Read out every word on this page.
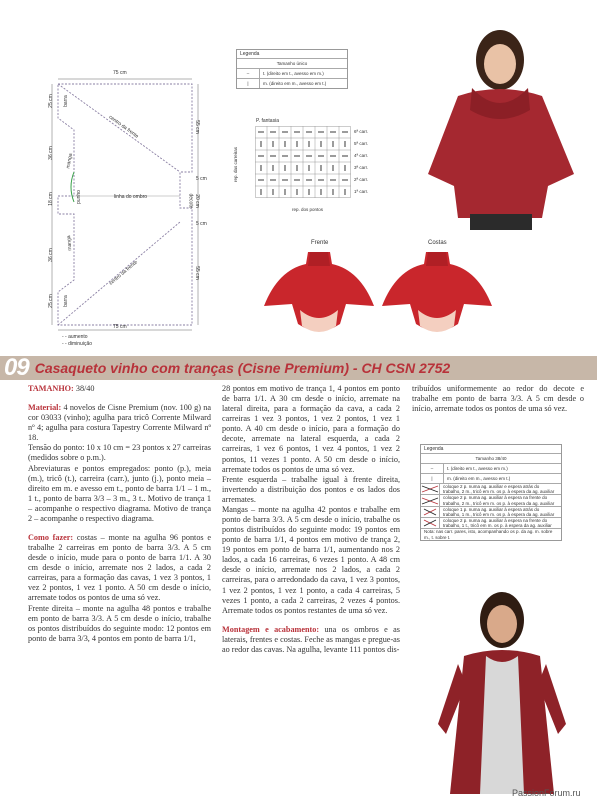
75 cm
75 cm
25 cm
36 cm
18 cm
36 cm
25 cm
55 cm
5 cm
20 cm
5 cm
55 cm
centro da frente
centro da frente
linha do ombro
punho	decote
manga
manga
barra
barra
- - aumento
- - diminuição
Legenda
Tamanho único
–	t. (direito em t., avesso em m.)
|	m. (direito em m., avesso em t.)
P. fantasia
6ª carr.
5ª carr.
4ª carr.
3ª carr.
2ª carr.
1ª carr.
rep. das carreiras
rep. dos pontos
Frente	Costas
09 Casaqueto vinho com tranças (Cisne Premium) - CH CSN 2752

TAMANHO: 38/40

Material: 4 novelos de Cisne Premium (nov. 100 g) na cor 03033 (vinho); agulha para tricô Corrente Milward nº 4; agulha para costura Tapestry Corrente Milward nº 18.

Tensão do ponto: 10 x 10 cm = 23 pontos x 27 carreiras (medidos sobre o p.m.).

Abreviaturas e pontos empregados: ponto (p.), meia (m.), tricô (t.), carreira (carr.), junto (j.), ponto meia – direito em m. e avesso em t., ponto de barra 1/1 – 1 m., 1 t., ponto de barra 3/3 – 3 m., 3 t.. Motivo de trança 1 – acompanhe o respectivo diagrama. Motivo de trança 2 – acompanhe o respectivo diagrama.

Como fazer: costas – monte na agulha 96 pontos e trabalhe 2 carreiras em ponto de barra 3/3. A 5 cm desde o início, mude para o ponto de barra 1/1. A 30 cm desde o início, arremate nos 2 lados, a cada 2 carreiras, para a formação das cavas, 1 vez 3 pontos, 1 vez 2 pontos, 1 vez 1 ponto. A 50 cm desde o início, arremate todos os pontos de uma só vez.

Frente direita – monte na agulha 48 pontos e trabalhe em ponto de barra 3/3. A 5 cm desde o início, trabalhe os pontos distribuídos do seguinte modo: 12 pontos em ponto de barra 3/3, 4 pontos em ponto de barra 1/1,

28 pontos em motivo de trança 1, 4 pontos em ponto de barra 1/1. A 30 cm desde o início, arremate na lateral direita, para a formação da cava, a cada 2 carreiras 1 vez 3 pontos, 1 vez 2 pontos, 1 vez 1 ponto. A 40 cm desde o início, para a formação do decote, arremate na lateral esquerda, a cada 2 carreiras, 1 vez 6 pontos, 1 vez 4 pontos, 1 vez 2 pontos, 11 vezes 1 ponto. A 50 cm desde o início, arremate todos os pontos de uma só vez.

Frente esquerda – trabalhe igual à frente direita, invertendo a distribuição dos pontos e os lados dos arremates.

Mangas – monte na agulha 42 pontos e trabalhe em ponto de barra 3/3. A 5 cm desde o início, trabalhe os pontos distribuídos do seguinte modo: 19 pontos em ponto de barra 1/1, 4 pontos em motivo de trança 2, 19 pontos em ponto de barra 1/1, aumentando nos 2 lados, a cada 16 carreiras, 6 vezes 1 ponto. A 48 cm desde o início, arremate nos 2 lados, a cada 2 carreiras, para o arredondado da cava, 1 vez 3 pontos, 1 vez 2 pontos, 1 vez 1 ponto, a cada 4 carreiras, 5 vezes 1 ponto, a cada 2 carreiras, 2 vezes 4 pontos. Arremate todos os pontos restantes de uma só vez.

Montagem e acabamento: una os ombros e as laterais, frentes e costas. Feche as mangas e pregue-as ao redor das cavas. Na agulha, levante 111 pontos dis-

tribuídos uniformemente ao redor do decote e trabalhe em ponto de barra 3/3. A 5 cm desde o início, arremate todos os pontos de uma só vez.

Legenda
Tamanho 38/40
–	t. (direito em t., avesso em m.)
|	m. (direito em m., avesso em t.)
coloque 2 p. numa ag. auxiliar e espera atrás do trabalho, 2 m., tricô em m. os p. à espera da ag. auxiliar
coloque 2 p. numa ag. auxiliar à espera na frente do trabalho, 2 m., tricô em m. os p. à espera da ag. auxiliar
coloque 1 p. numa ag. auxiliar à espera atrás do trabalho, 1 m., tricô em m. os p. à espera da ag. auxiliar
coloque 2 p. numa ag. auxiliar à espera na frente do trabalho, 1 t., tricô em m. os p. à espera da ag. auxiliar
Nota: nas carr. pares, isto, acompanhando os p. da ag. m. sobre m., t. sobre t.
PassionForum.ru
